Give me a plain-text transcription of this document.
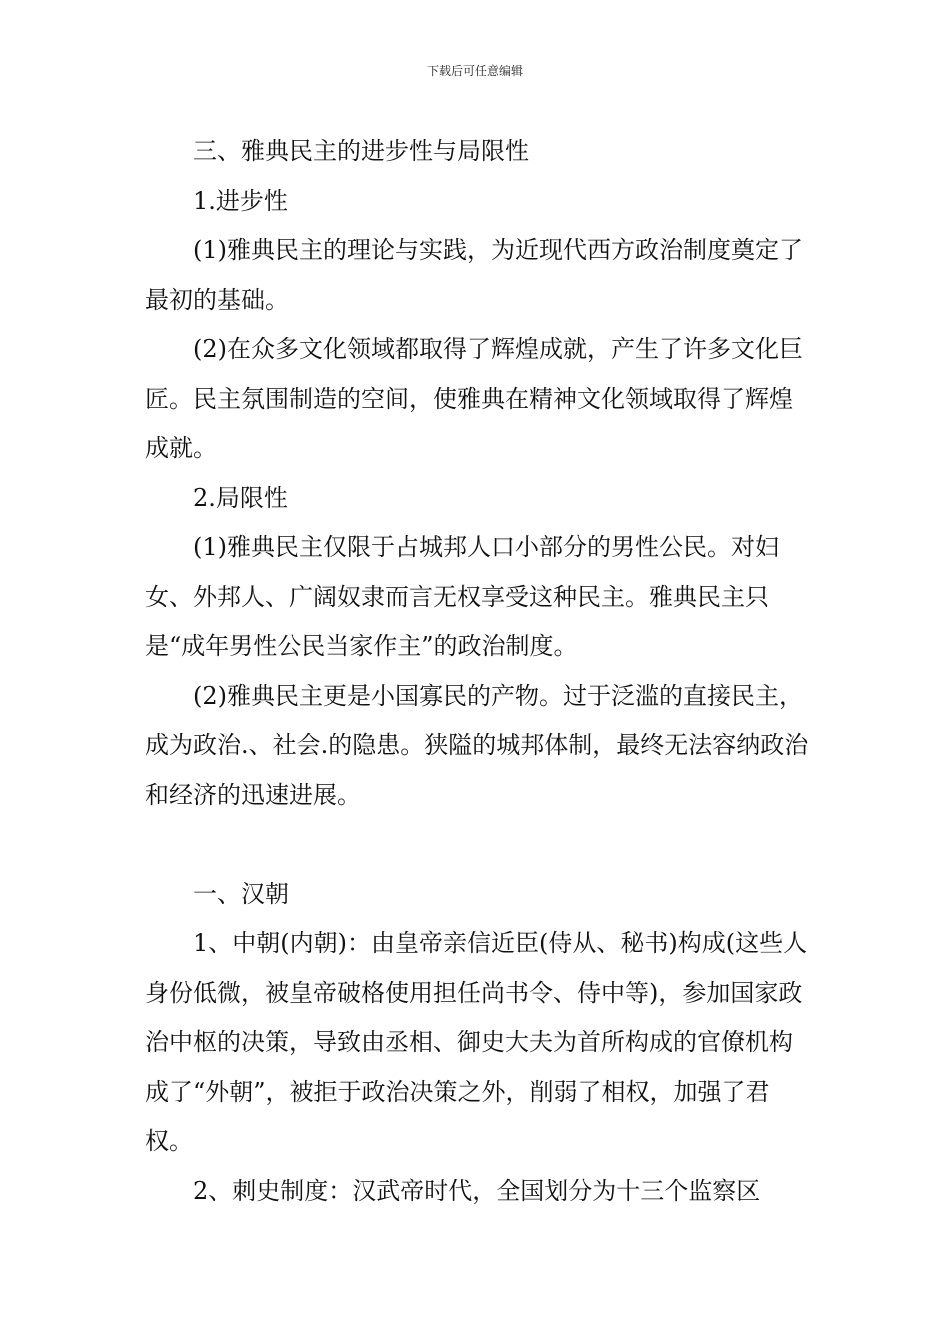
下载后可任意编辑

三、雅典民主的进步性与局限性

1.进步性

(1)雅典民主的理论与实践，为近现代西方政治制度奠定了最初的基础。

(2)在众多文化领域都取得了辉煌成就，产生了许多文化巨匠。民主氛围制造的空间，使雅典在精神文化领域取得了辉煌成就。

2.局限性

(1)雅典民主仅限于占城邦人口小部分的男性公民。对妇女、外邦人、广阔奴隶而言无权享受这种民主。雅典民主只是“成年男性公民当家作主”的政治制度。

(2)雅典民主更是小国寡民的产物。过于泛滥的直接民主，成为政治.、社会.的隐患。狭隘的城邦体制，最终无法容纳政治和经济的迅速进展。

一、汉朝

1、中朝(内朝)：由皇帝亲信近臣(侍从、秘书)构成(这些人身份低微，被皇帝破格使用担任尚书令、侍中等)，参加国家政治中枢的决策，导致由丞相、御史大夫为首所构成的官僚机构成了“外朝”，被拒于政治决策之外，削弱了相权，加强了君权。

2、刺史制度：汉武帝时代，全国划分为十三个监察区
